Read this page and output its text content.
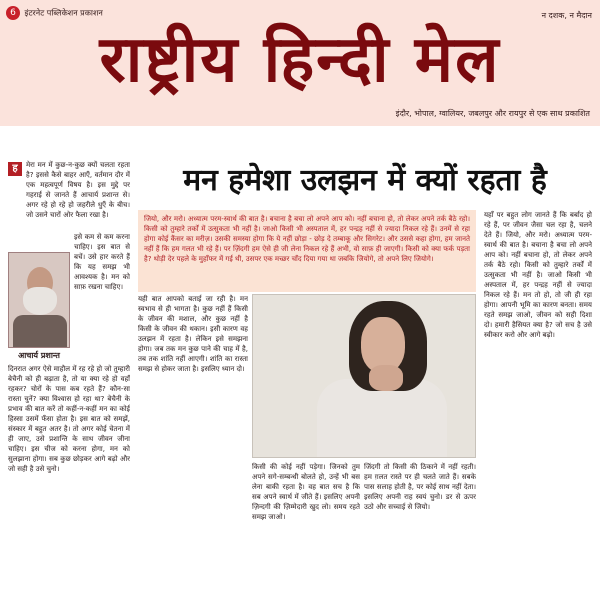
6 इंटरनेट पब्लिकेशन प्रकाशन	न दशक, न मैदान
राष्ट्रीय हिन्दी मेल
इंदौर, भोपाल, ग्वालियर, जबलपुर और रायपुर से एक साथ प्रकाशित
ह	मेरा मन में कुछ-न-कुछ क्यों चलता रहता है? इससे कैसे बाहर आएँ, वर्तमान दौर में एक महत्वपूर्ण विषय है। इस मुद्दे पर गहराई से जानते हैं आचार्य प्रशान्त से। अगर रहे हो रहे हो जहरीले धुएँ के बीच। जो उसने चारों ओर फैला रखा है।
इसे कम से कम करना चाहिए। इस बात से बचें। उसे हार करते हैं कि यह समझ भी आवश्यक है। मन को साफ़ रखना चाहिए।
आचार्य प्रशान्त
दिनरात अगर ऐसे माहौल में रह रहे हो जो तुम्हारी बेचैनी को ही बढ़ाता है, तो या क्या रहे हो वहाँ रहकर? चोरों के पास कब रहते हैं? कौन-सा रास्ता चुनें? क्या विश्वास हो रहा था? बेचैनी के प्रभाव की बात करें तो कहीं-न-कहीं मन का कोई हिस्सा उसमें फँसा होता है। इस बात को समझें, संस्कार में बहुत अतर है। तो अगर कोई चेतना में ही जाए, उसे प्रशान्ति के साथ जीवन जीना चाहिए। इस चीज को करना होगा, मन को सुलझाना होगा। सब कुछ छोड़कर आगे बढ़ो और जो सही है उसे चुनो।
मन हमेशा उलझन में क्यों रहता है
जियो, और मरो। अध्यात्म परम-स्वार्थ की बात है। बचाना है बचा लो अपने आप को। नहीं बचाना हो, तो लेकर अपने तर्क बैठे रहो। किसी को तुम्हारे तर्कों में उत्सुकता भी नहीं है। जाओ किसी भी अस्पताल में, हर पन्द्रह नहीं से ज्यादा निकल रहे हैं। उनमें से रहा होगा कोई कैंसर का मरीज़। उसकी समस्या होगा कि ये नहीं छोड़ा - छोड़ दे तम्बाकू और सिगरेट। और उससे कहा होगा, हम जानते नहीं हैं कि हम गलत भी रहे हैं। पर ज़िंदगी हम ऐसे ही जी लेना निकल रहे हैं अभी, वो साफ़ ही जाएगी। किसी को क्या फर्क पड़ता है? थोड़ी देर पहले के मुहाँफर में गई थी, उसपर एक मच्छर चाँद दिया गया था जबकि जियोगे, तो अपने लिए जियोगे।
यही बात आपको बताई जा रही है। मन स्वभाव से ही भागता है। कुछ नहीं हैं किसी के जीवन की मशाल, और कुछ नहीं है किसी के जीवन की थकान। इसी कारण वह उलझन में रहता है। लेकिन इसे समझना होगा। जब तक मन कुछ पाने की चाह में है, तब तक शांति नहीं आएगी। शांति का रास्ता समझ से होकर जाता है। इसलिए ध्यान दो।
किसी की कोई नहीं पड़ेगा। जिनको तुम अपने सगे-सम्बन्धी बोलते हो, उन्हें भी बस लेना बाकी रहता है। वह बात सच है कि सब अपने स्वार्थ में जीते हैं। इसलिए अपनी ज़िन्दगी की ज़िम्मेदारी खुद लो। समय रहते समझ जाओ।
जिंदगी तो किसी की ठिकाने में नहीं रहती। हम ग़लत रास्ते पर ही चलते जाते हैं। सबके पास सलाह होती है, पर कोई साथ नहीं देता। इसलिए अपनी राह स्वयं चुनो। डर से ऊपर उठो और सच्चाई से जियो।
यहाँ पर बहुत लोग जानते हैं कि बर्बाद हो रहे हैं, पर जीवन जैसा चल रहा है, चलने देते हैं। जियो, और मरो। अध्यात्म परम-स्वार्थ की बात है। बचाना है बचा लो अपने आप को। नहीं बचाना हो, तो लेकर अपने तर्क बैठे रहो। किसी को तुम्हारे तर्कों में उत्सुकता भी नहीं है। जाओ किसी भी अस्पताल में, हर पन्द्रह नहीं से ज्यादा निकल रहे हैं। मन तो हो, तो जी ही रहा होगा। आपनी भूमि का कारण बनता। समय रहते समझ जाओ, जीवन को सही दिशा दो। हमारी हैसियत क्या है? जो सच है उसे स्वीकार करो और आगे बढ़ो।
